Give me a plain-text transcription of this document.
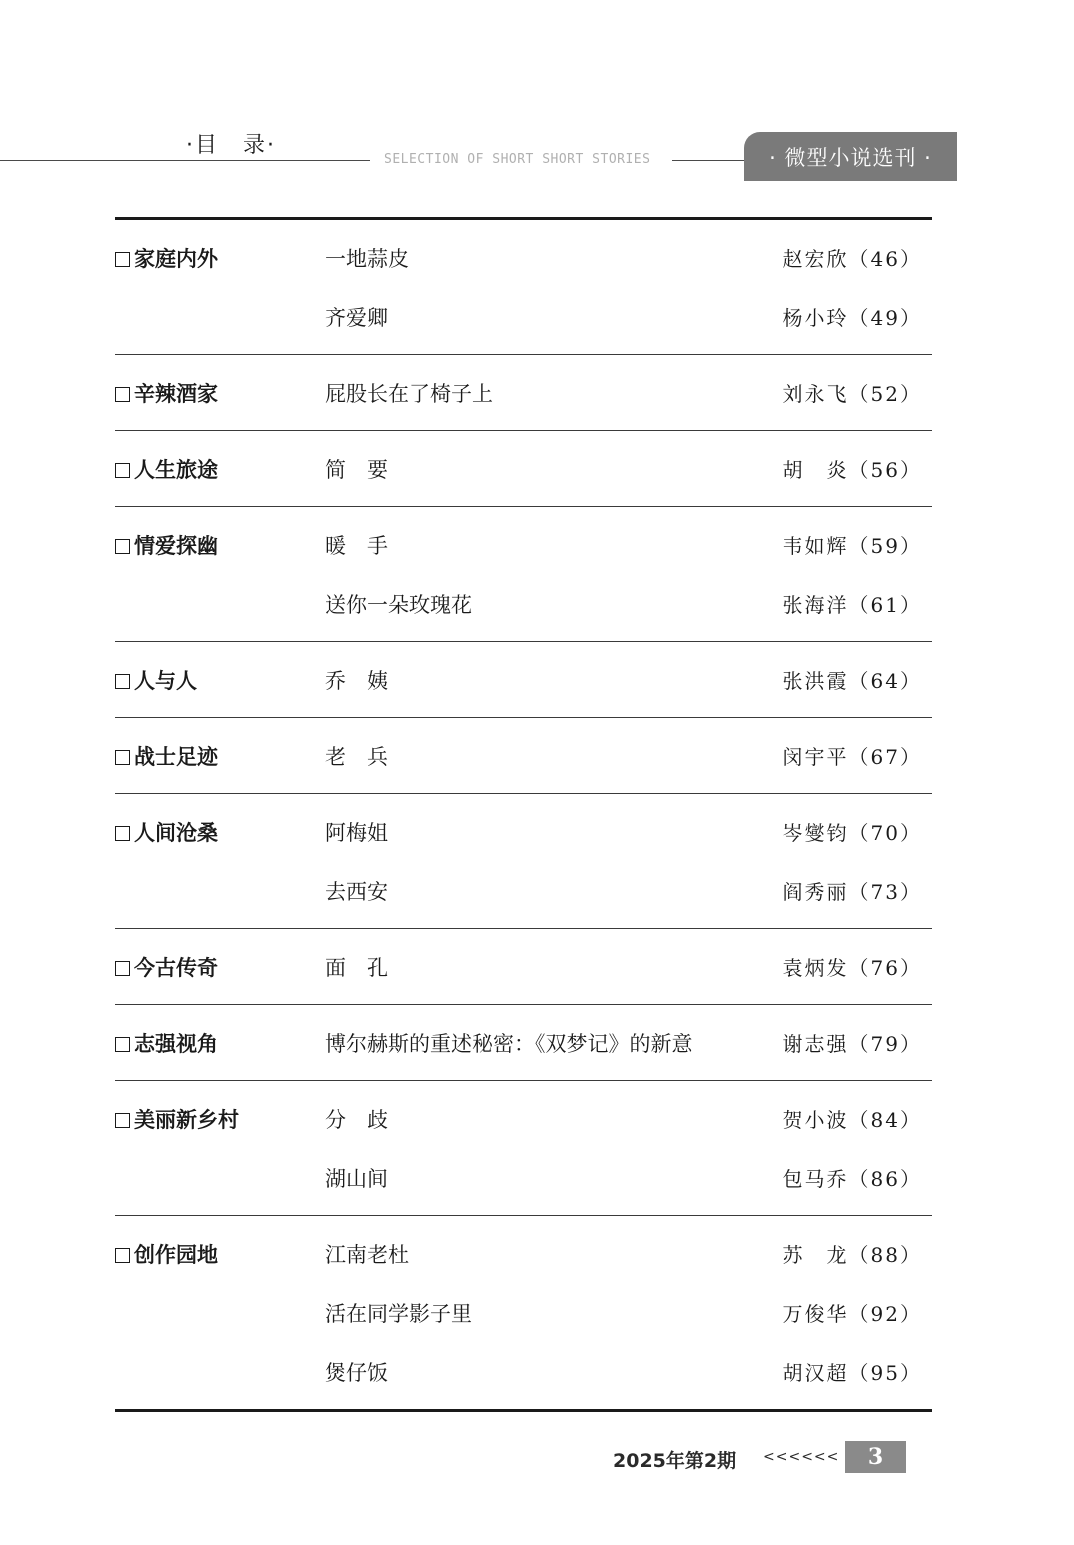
·目　录·
SELECTION OF SHORT SHORT STORIES	· 微型小说选刊 ·
家庭内外	一地蒜皮	赵宏欣（46）
齐爱卿	杨小玲（49）
辛辣酒家	屁股长在了椅子上	刘永飞（52）
人生旅途	简　要	胡　炎（56）
情爱探幽	暖　手	韦如辉（59）
送你一朵玫瑰花	张海洋（61）
人与人	乔　姨	张洪霞（64）
战士足迹	老　兵	闵宇平（67）
人间沧桑	阿梅姐	岑燮钧（70）
去西安	阎秀丽（73）
今古传奇	面　孔	袁炳发（76）
志强视角	博尔赫斯的重述秘密：《双梦记》的新意	谢志强（79）
美丽新乡村	分　歧	贺小波（84）
湖山间	包马乔（86）
创作园地	江南老杜	苏　龙（88）
活在同学影子里	万俊华（92）
煲仔饭	胡汉超（95）
2025年第2期 <<<<<<	3
